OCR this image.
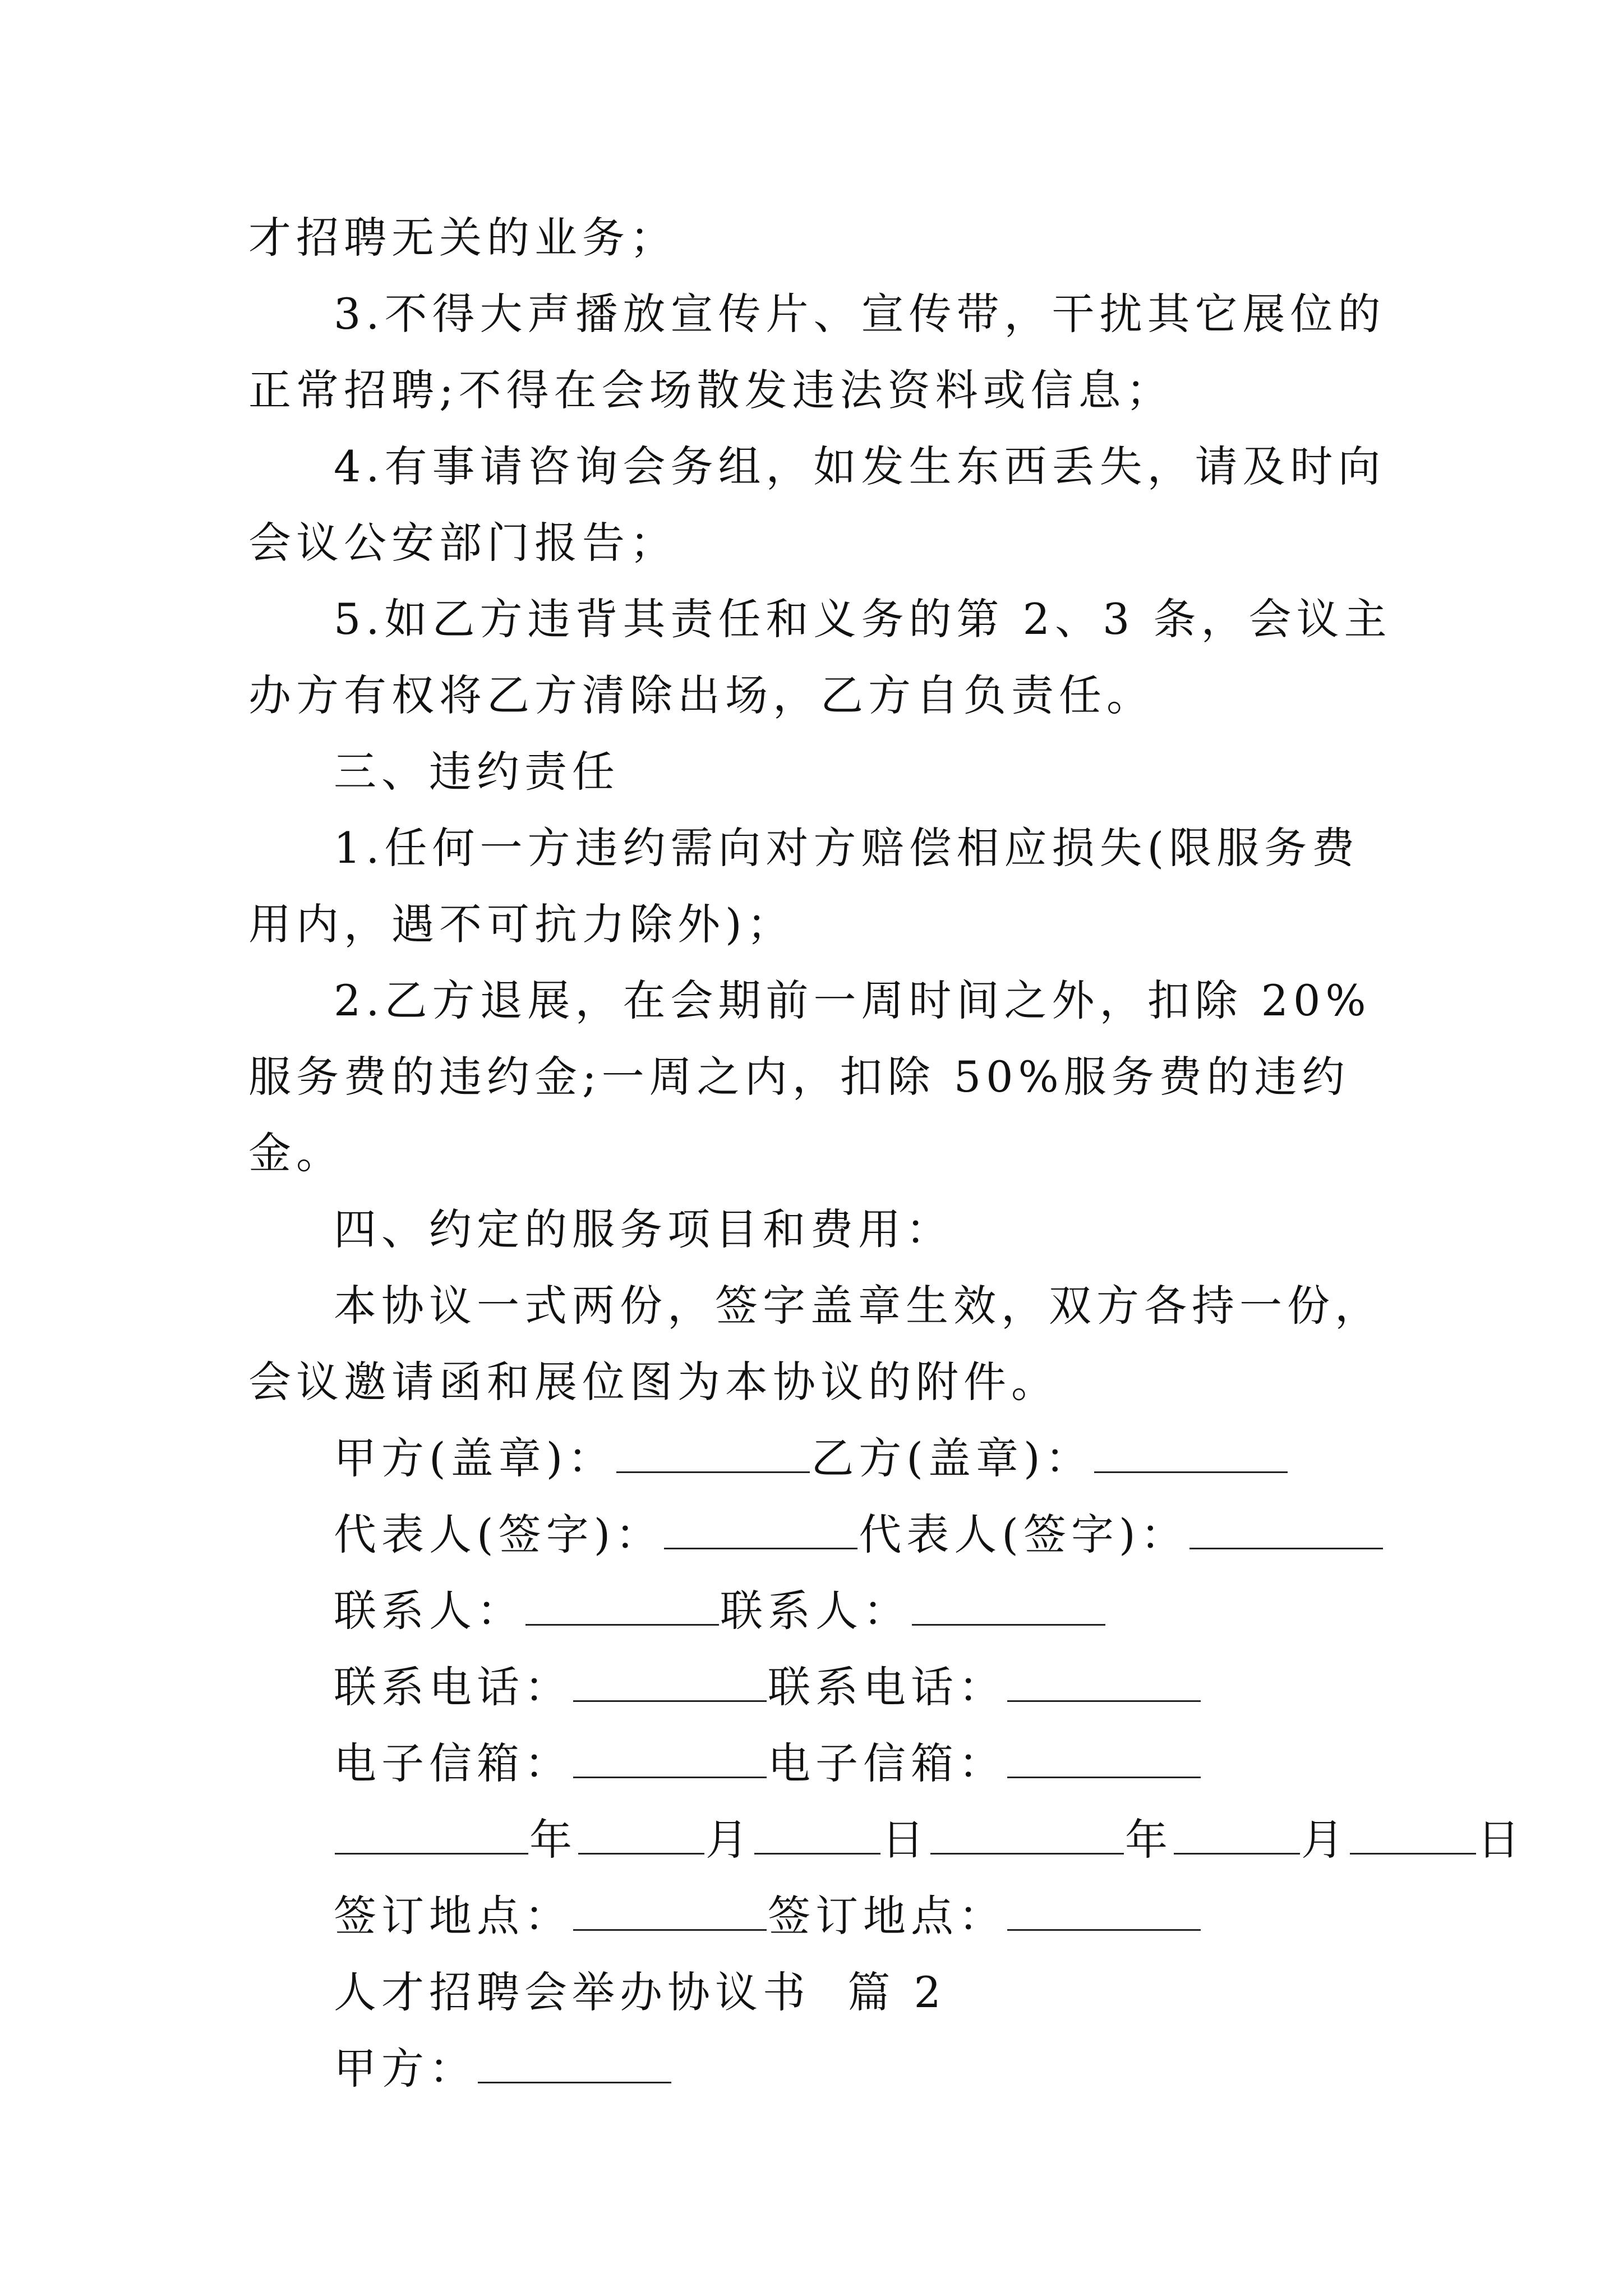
才招聘无关的业务；

3.不得大声播放宣传片、宣传带，干扰其它展位的正常招聘;不得在会场散发违法资料或信息；

4.有事请咨询会务组，如发生东西丢失，请及时向会议公安部门报告；

5.如乙方违背其责任和义务的第 2、3 条，会议主办方有权将乙方清除出场，乙方自负责任。

三、违约责任

1.任何一方违约需向对方赔偿相应损失(限服务费用内，遇不可抗力除外)；

2.乙方退展，在会期前一周时间之外，扣除 20%服务费的违约金;一周之内，扣除 50%服务费的违约金。

四、约定的服务项目和费用：

本协议一式两份，签字盖章生效，双方各持一份，会议邀请函和展位图为本协议的附件。

甲方(盖章)：	乙方(盖章)：

代表人(签字)：	代表人(签字)：

联系人：	联系人：

联系电话：	联系电话：

电子信箱：	电子信箱：

年	月	日	年	月	日

签订地点：	签订地点：

人才招聘会举办协议书  篇 2

甲方：
